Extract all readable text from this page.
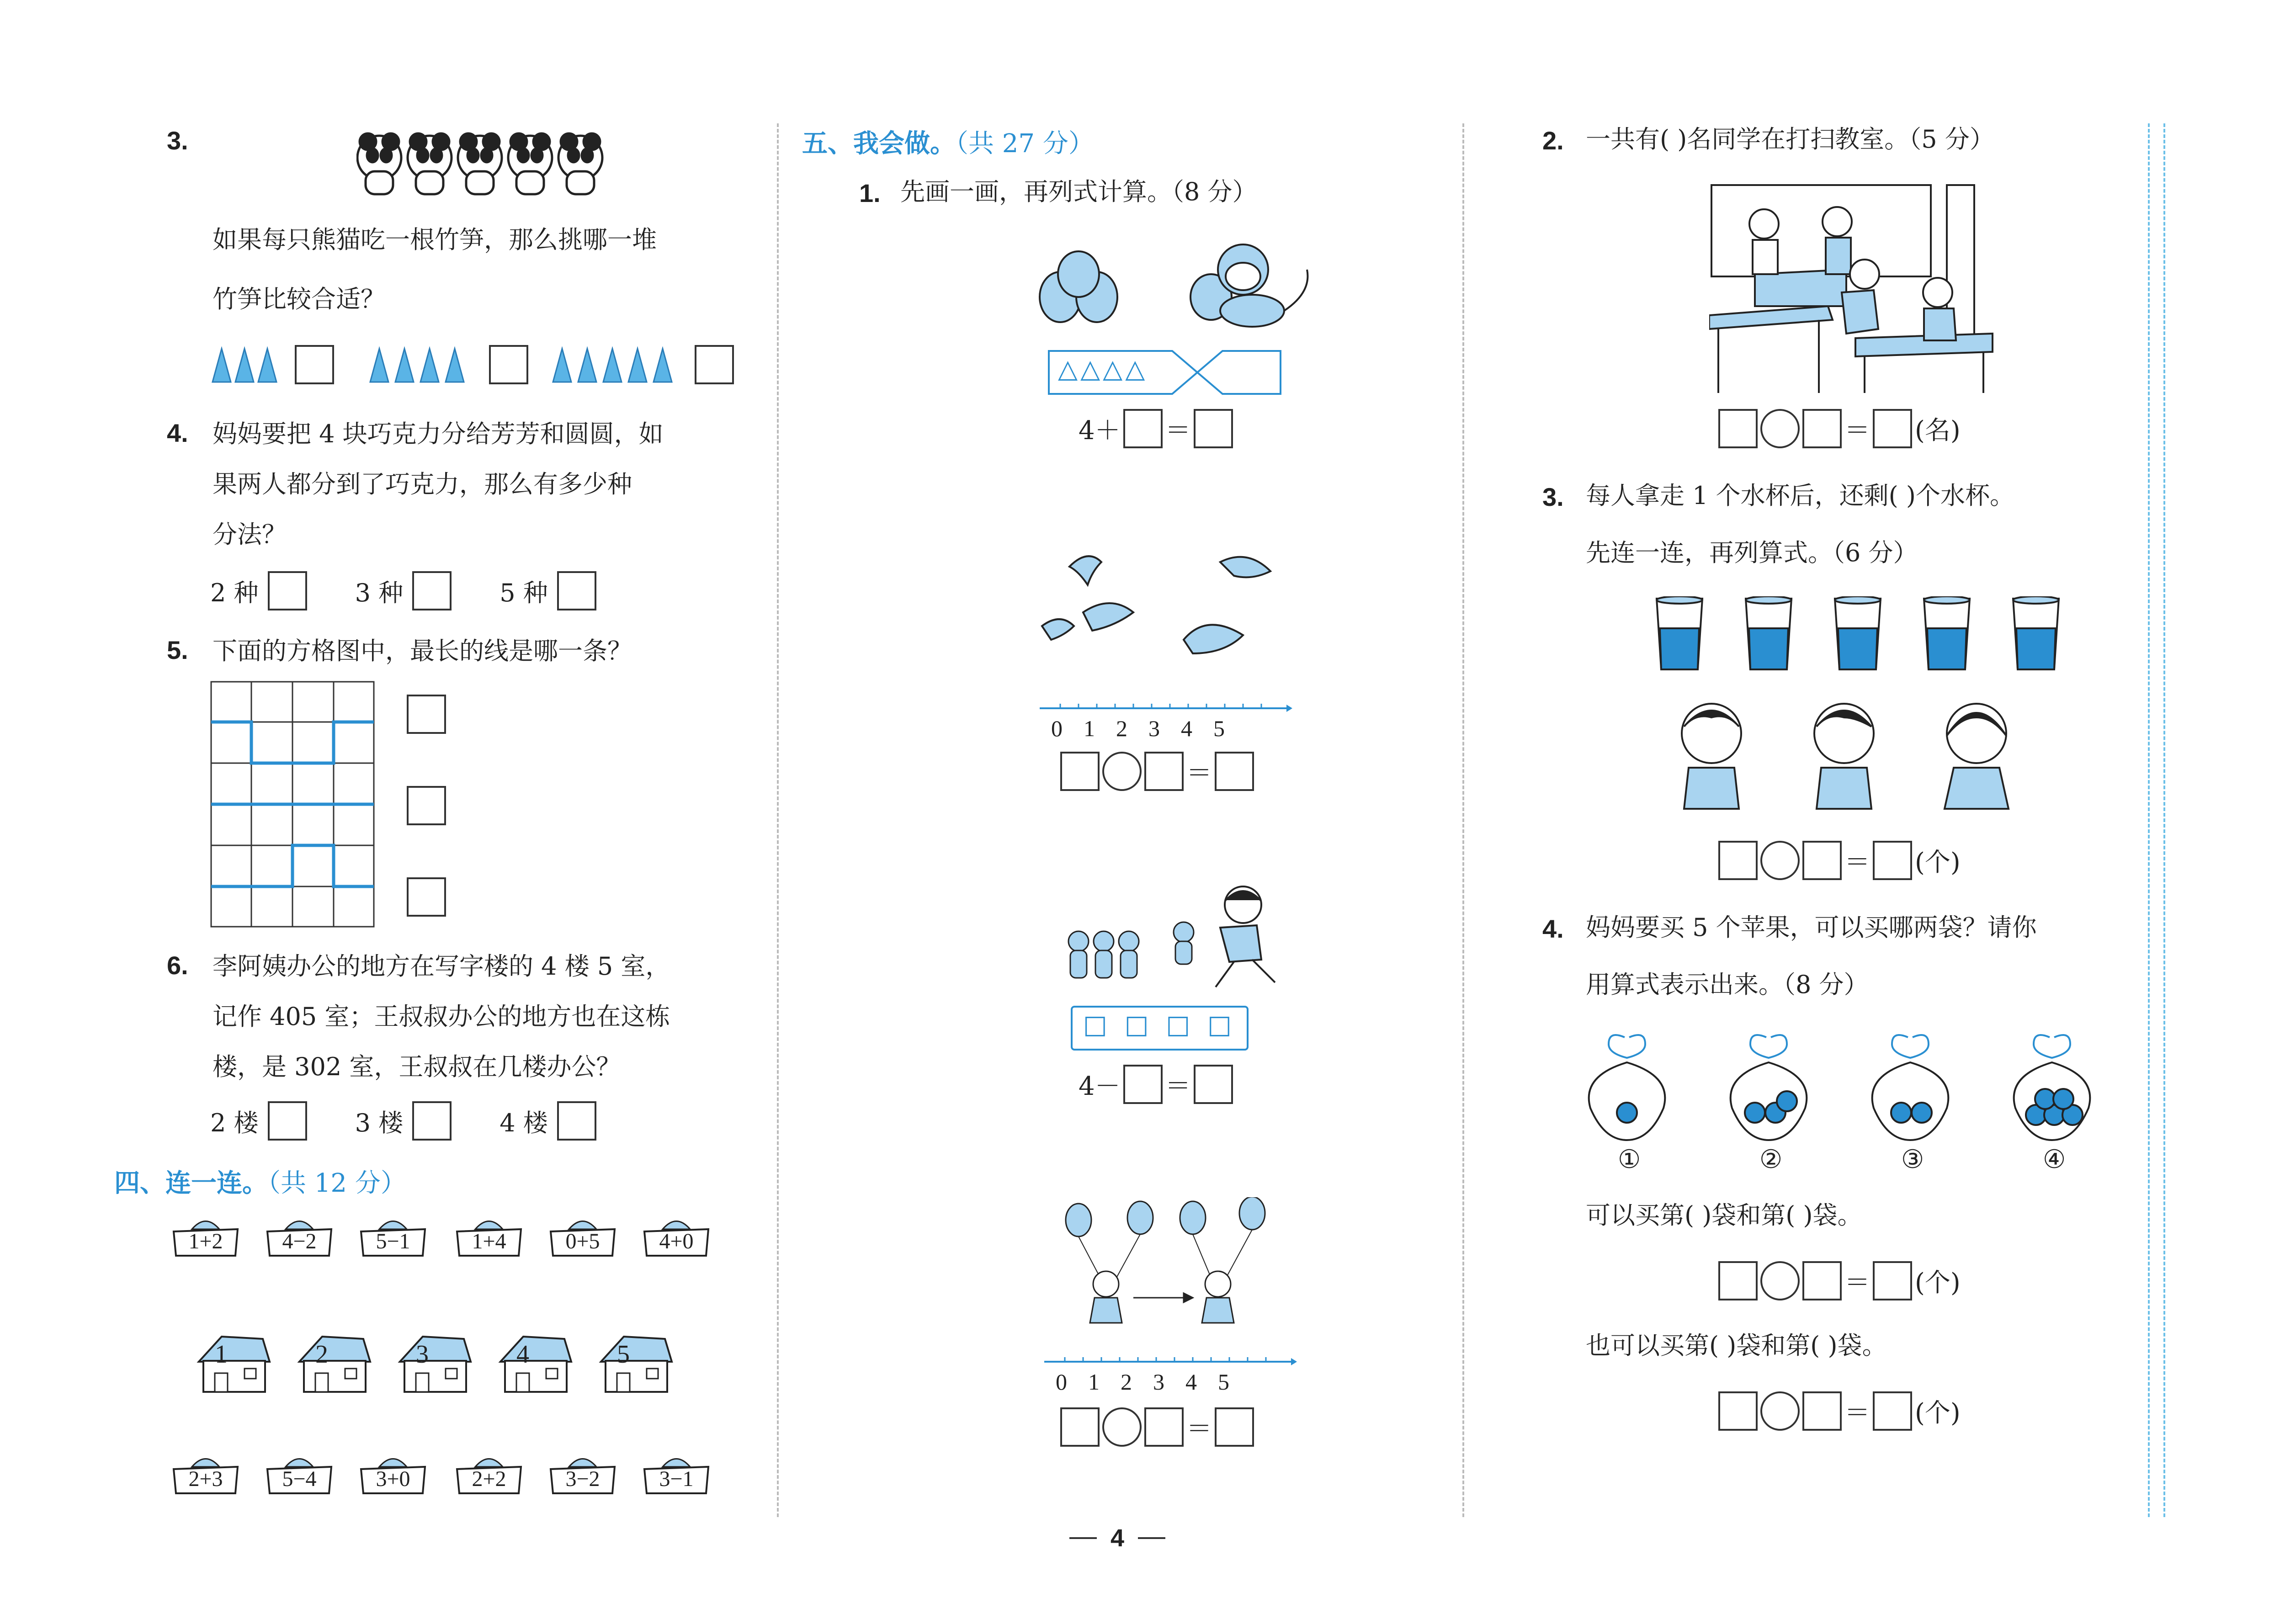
3.
如果每只熊猫吃一根竹笋，那么挑哪一堆
竹笋比较合适？
4. 妈妈要把 4 块巧克力分给芳芳和圆圆，如
果两人都分到了巧克力，那么有多少种
分法？
2 种
	3 种
	5 种
5. 下面的方格图中，最长的线是哪一条？
6. 李阿姨办公的地方在写字楼的 4 楼 5 室，
记作 405 室；王叔叔办公的地方也在这栋
楼，是 302 室，王叔叔在几楼办公？
2 楼
	3 楼
	4 楼
四、连一连。（共 12 分）
1+2	4−2	5−1	1+4	0+5	4+0
1	2	3	4	5
2+3	5−4	3+0	2+2	3−2	3−1
五、我会做。（共 27 分）
1. 先画一画，再列式计算。（8 分）
△△△△
4＋ ＝
0 1 2 3 4 5
＝
□ □ □ □
4－ ＝
0 1 2 3 4 5
＝
2. 一共有( )名同学在打扫教室。（5 分）
＝ (名)
3. 每人拿走 1 个水杯后，还剩( )个水杯。
先连一连，再列算式。（6 分）
＝ (个)
4. 妈妈要买 5 个苹果，可以买哪两袋？请你
用算式表示出来。（8 分）
①	②	③	④
可以买第( )袋和第( )袋。
＝ (个)
也可以买第( )袋和第( )袋。
＝ (个)
4
